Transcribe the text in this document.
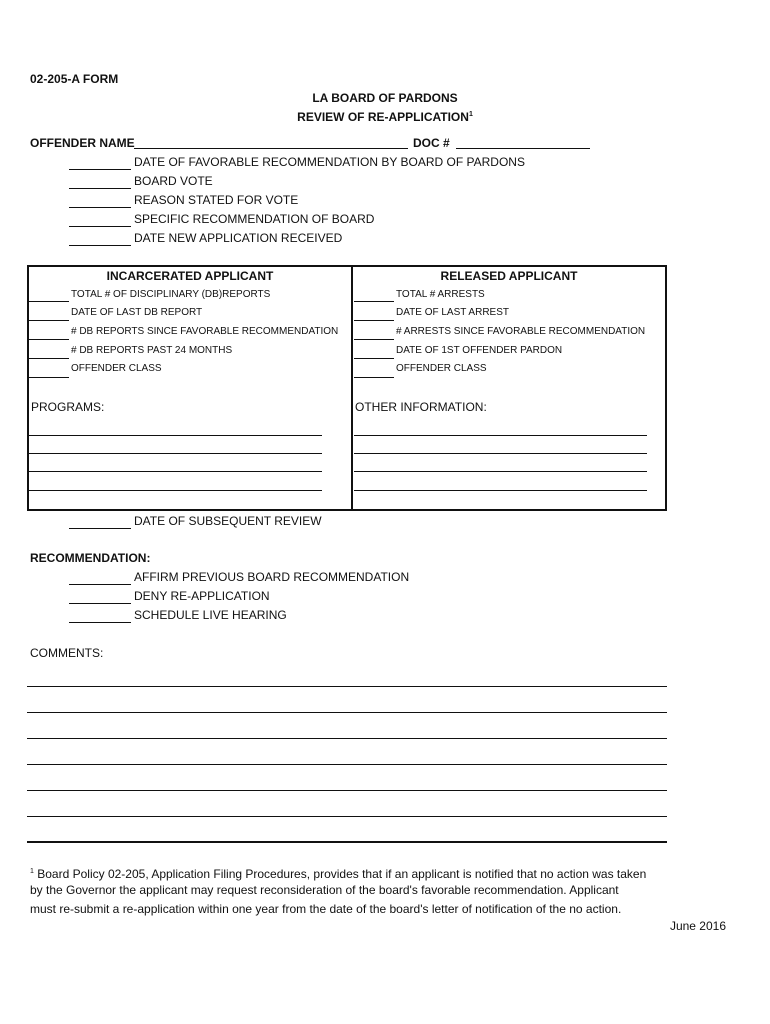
02-205-A FORM
LA BOARD OF PARDONS
REVIEW OF RE-APPLICATION$^1$
OFFENDER NAME	DOC #
DATE OF FAVORABLE RECOMMENDATION BY BOARD OF PARDONS
BOARD VOTE
REASON STATED FOR VOTE
SPECIFIC RECOMMENDATION OF BOARD
DATE NEW APPLICATION RECEIVED
INCARCERATED APPLICANT
TOTAL # OF DISCIPLINARY (DB)REPORTS
DATE OF LAST DB REPORT
# DB REPORTS SINCE FAVORABLE RECOMMENDATION
# DB REPORTS PAST 24 MONTHS
OFFENDER CLASS
PROGRAMS:
RELEASED APPLICANT
TOTAL # ARRESTS
DATE OF LAST ARREST
# ARRESTS SINCE FAVORABLE RECOMMENDATION
DATE OF 1ST OFFENDER PARDON
OFFENDER CLASS
OTHER INFORMATION:
DATE OF SUBSEQUENT REVIEW
RECOMMENDATION:
AFFIRM PREVIOUS BOARD RECOMMENDATION
DENY RE-APPLICATION
SCHEDULE LIVE HEARING
COMMENTS:
$^1$ Board Policy 02-205, Application Filing Procedures, provides that if an applicant is notified that no action was taken
by the Governor the applicant may request reconsideration of the board's favorable recommendation. Applicant
must re-submit a re-application within one year from the date of the board's letter of notification of the no action.
June 2016
